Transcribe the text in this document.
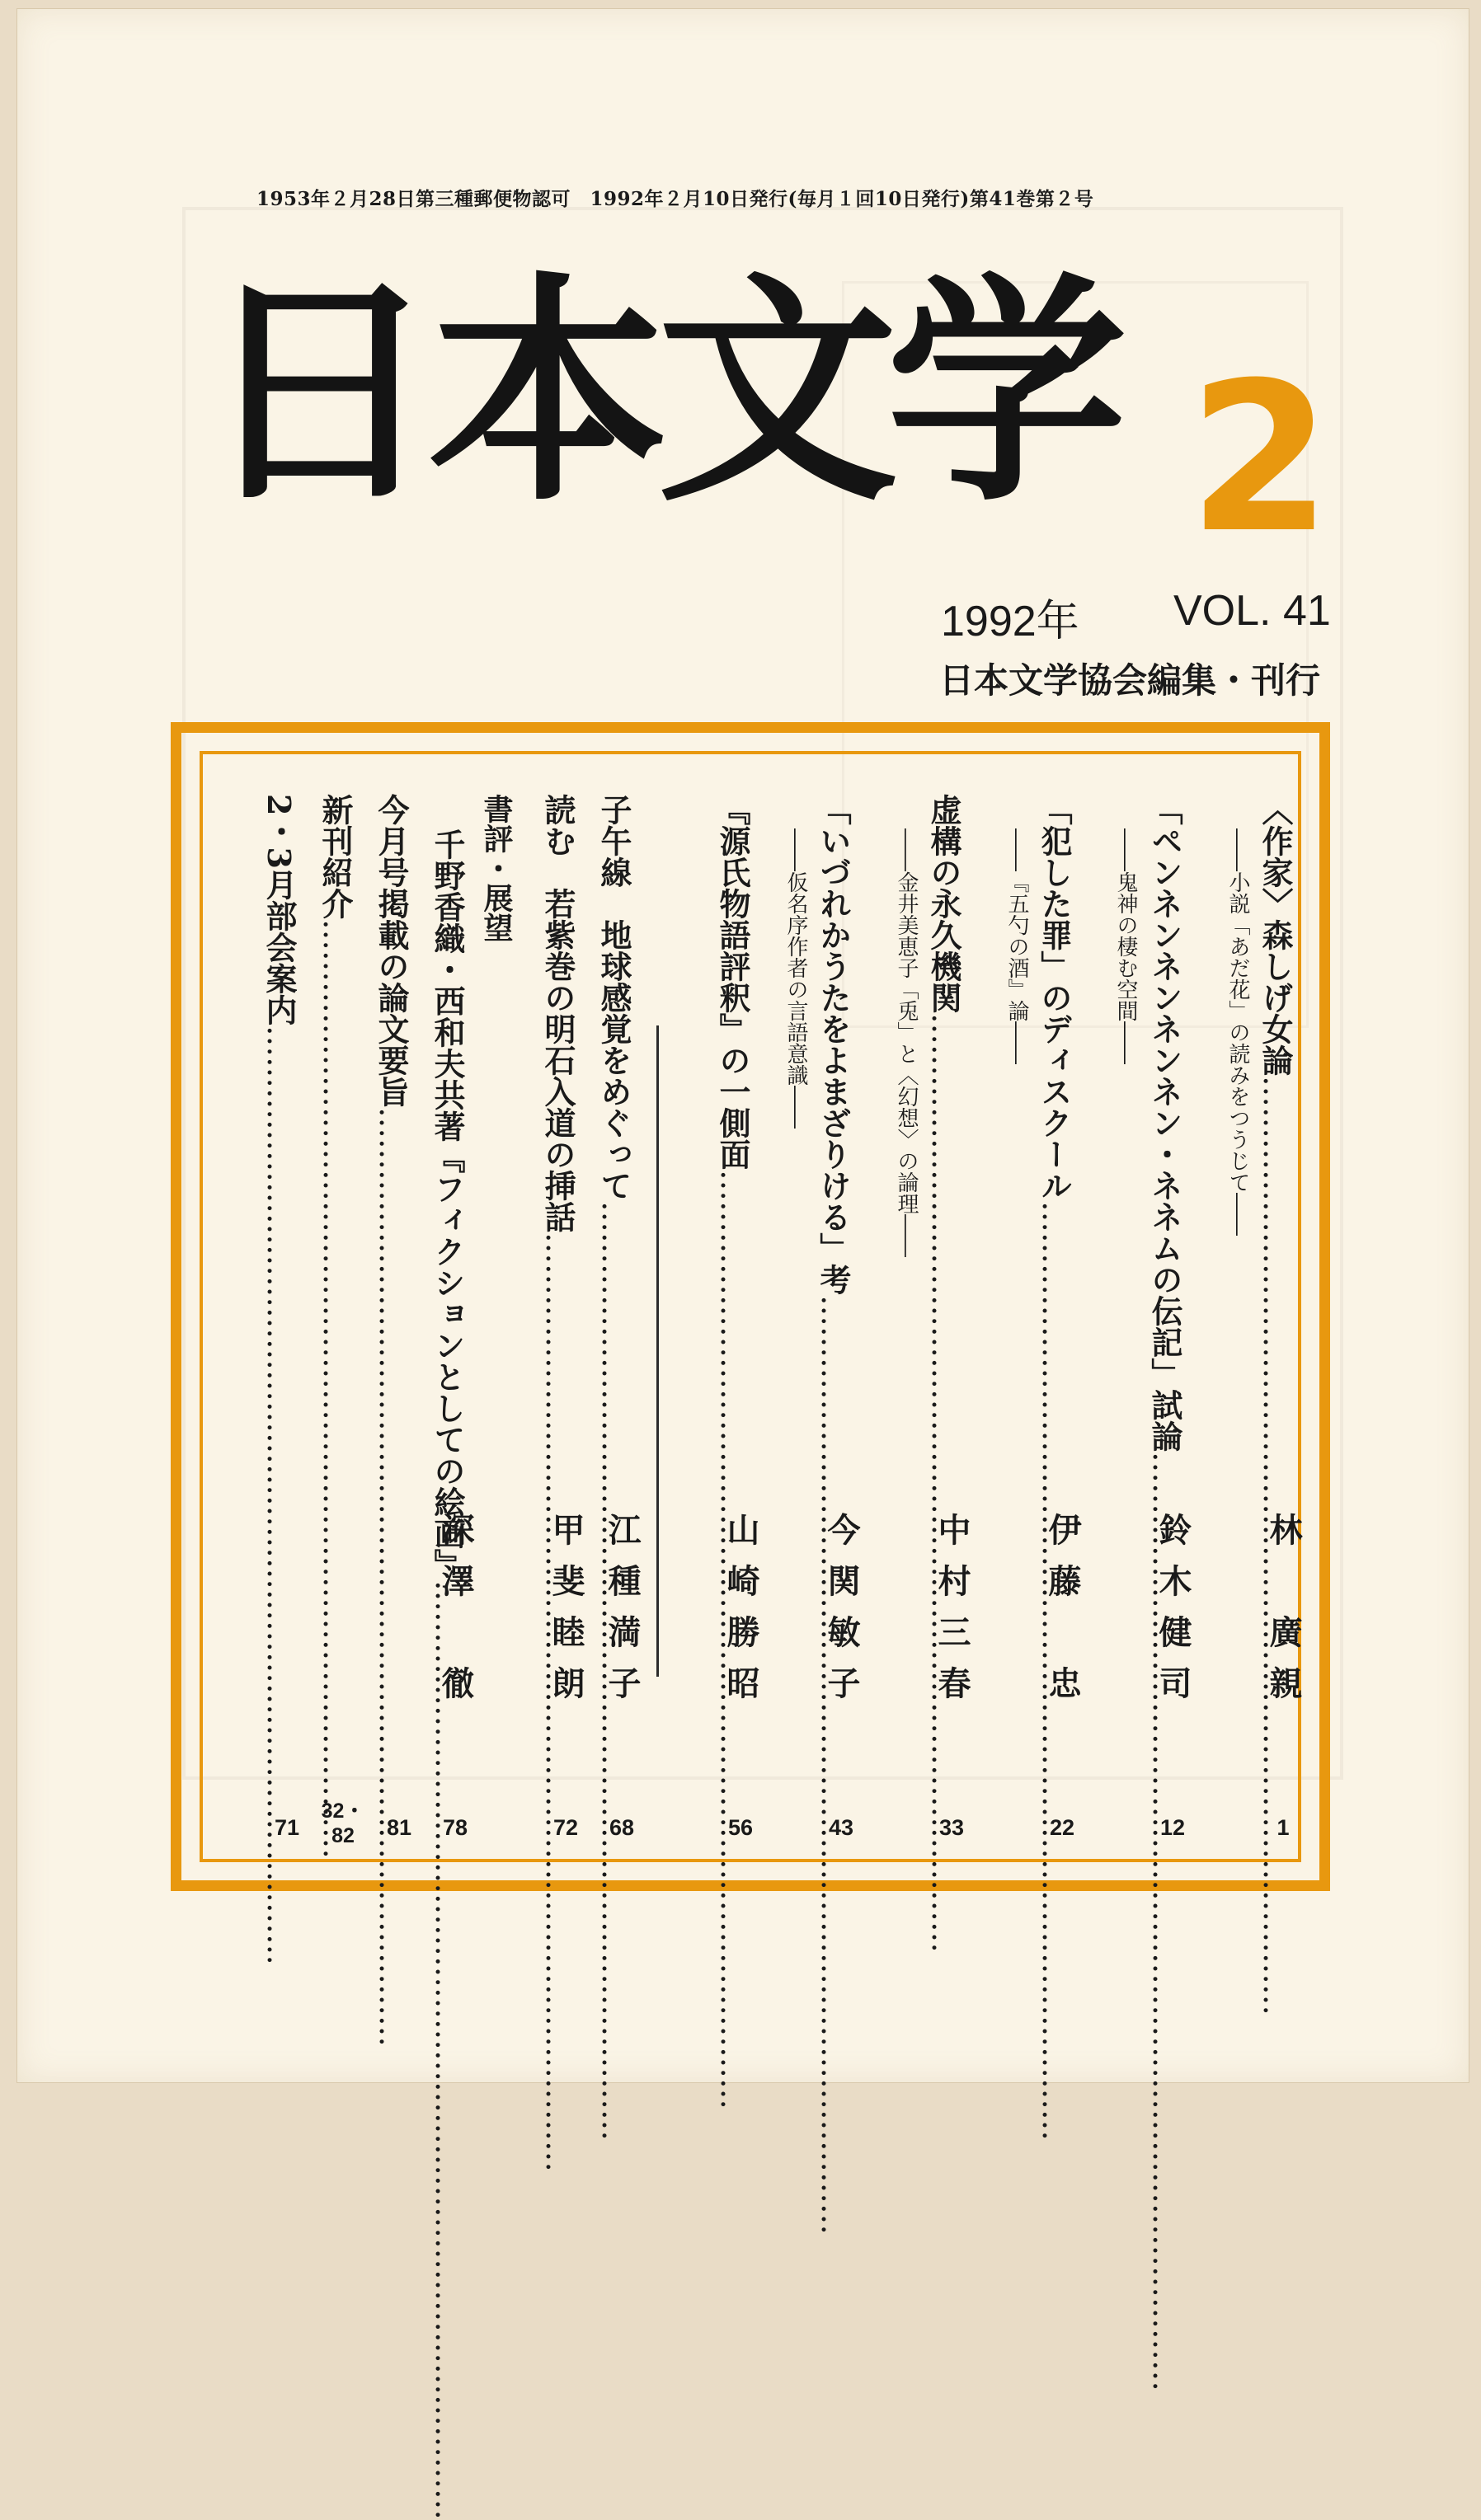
1953年２月28日第三種郵便物認可　1992年２月10日発行(毎月１回10日発行)第41巻第２号
日本文学 2
1992年 VOL. 41
日本文学協会編集・刊行
〈作家〉森しげ女論 ………………………………………………………………………………
――小説「あだ花」の読みをつうじて――
林　廣親
1
「ペンネンネンネンネン・ネネムの伝記」試論 ………………………………………………………………………………
――鬼神の棲む空間――
鈴木健司
12
「犯した罪」のディスクール ………………………………………………………………………………
――『五勺の酒』論――
伊藤　忠
22
虚構の永久機関 ………………………………………………………………………………
――金井美恵子「兎」と〈幻想〉の論理――
中村三春
33
「いづれかうたをよまざりける」考 ………………………………………………………………………………
――仮名序作者の言語意識――
今関敏子
43
『源氏物語評釈』の一側面 ………………………………………………………………………………
山崎勝昭
56
子午線　地球感覚をめぐって ………………………………………………………………………………
江種満子
68
読む　若紫巻の明石入道の挿話 ………………………………………………………………………………
甲斐睦朗
72
書評・展望
千野香織・西和夫共著『フィクションとしての絵画』 ………………………………………………………………………………
深澤　徹
78
今月号掲載の論文要旨 ………………………………………………………………………………
81
新刊紹介 ………………………………………………………………………………
32・82
2・3月部会案内 ………………………………………………………………………………
71
